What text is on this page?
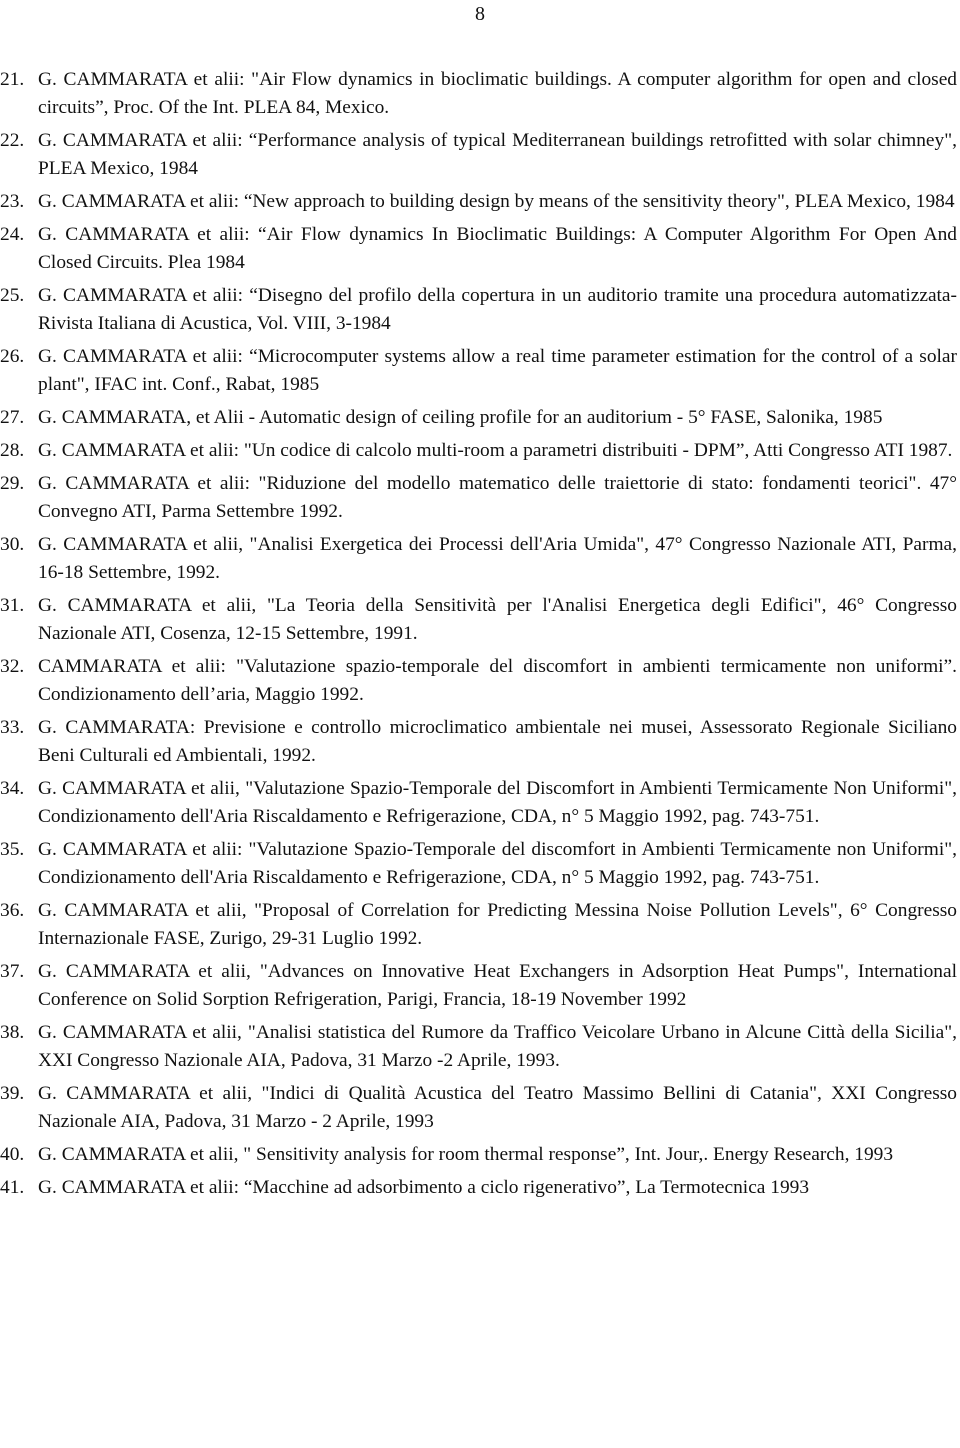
8
21. G. CAMMARATA et alii: "Air Flow dynamics in bioclimatic buildings. A computer algorithm for open and closed circuits”, Proc. Of the Int. PLEA 84, Mexico.
22. G. CAMMARATA et alii: “Performance analysis of typical Mediterranean buildings retrofitted with solar chimney", PLEA Mexico, 1984
23. G. CAMMARATA et alii: “New approach to building design by means of the sensitivity theory", PLEA Mexico, 1984
24. G. CAMMARATA et alii: “Air Flow dynamics In Bioclimatic Buildings: A Computer Algorithm For Open And Closed Circuits. Plea 1984
25. G. CAMMARATA et alii: “Disegno del profilo della copertura in un auditorio tramite una procedura automatizzata- Rivista Italiana di Acustica, Vol. VIII, 3-1984
26. G. CAMMARATA et alii: “Microcomputer systems allow a real time parameter estimation for the control of a solar plant", IFAC int. Conf., Rabat, 1985
27. G. CAMMARATA, et Alii - Automatic design of ceiling profile for an auditorium - 5° FASE, Salonika, 1985
28. G. CAMMARATA et alii: "Un codice di calcolo multi-room a parametri distribuiti - DPM”, Atti Congresso ATI 1987.
29. G. CAMMARATA et alii: "Riduzione del modello matematico delle traiettorie di stato: fondamenti teorici". 47° Convegno ATI, Parma Settembre 1992.
30. G. CAMMARATA et alii, "Analisi Exergetica dei Processi dell'Aria Umida", 47° Congresso Nazionale ATI, Parma, 16-18 Settembre, 1992.
31. G. CAMMARATA et alii, "La Teoria della Sensitività per l'Analisi Energetica degli Edifici", 46° Congresso Nazionale ATI, Cosenza, 12-15 Settembre, 1991.
32. CAMMARATA et alii: "Valutazione spazio-temporale del discomfort in ambienti termicamente non uniformi”. Condizionamento dell’aria, Maggio 1992.
33. G. CAMMARATA: Previsione e controllo microclimatico ambientale nei musei, Assessorato Regionale Siciliano Beni Culturali ed Ambientali, 1992.
34. G. CAMMARATA et alii, "Valutazione Spazio-Temporale del Discomfort in Ambienti Termicamente Non Uniformi", Condizionamento dell'Aria Riscaldamento e Refrigerazione, CDA, n° 5 Maggio 1992, pag. 743-751.
35. G. CAMMARATA et alii: "Valutazione Spazio-Temporale del discomfort in Ambienti Termicamente non Uniformi", Condizionamento dell'Aria Riscaldamento e Refrigerazione, CDA, n° 5 Maggio 1992, pag. 743-751.
36. G. CAMMARATA et alii, "Proposal of Correlation for Predicting Messina Noise Pollution Levels", 6° Congresso Internazionale FASE, Zurigo, 29-31 Luglio 1992.
37. G. CAMMARATA et alii, "Advances on Innovative Heat Exchangers in Adsorption Heat Pumps", International Conference on Solid Sorption Refrigeration, Parigi, Francia, 18-19 November 1992
38. G. CAMMARATA et alii, "Analisi statistica del Rumore da Traffico Veicolare Urbano in Alcune Città della Sicilia", XXI Congresso Nazionale AIA, Padova, 31 Marzo -2 Aprile, 1993.
39. G. CAMMARATA et alii, "Indici di Qualità Acustica del Teatro Massimo Bellini di Catania", XXI Congresso Nazionale AIA, Padova, 31 Marzo - 2 Aprile, 1993
40. G. CAMMARATA et alii, " Sensitivity analysis for room thermal response”, Int. Jour,. Energy Research, 1993
41. G. CAMMARATA et alii: “Macchine ad adsorbimento a ciclo rigenerativo”, La Termotecnica 1993
